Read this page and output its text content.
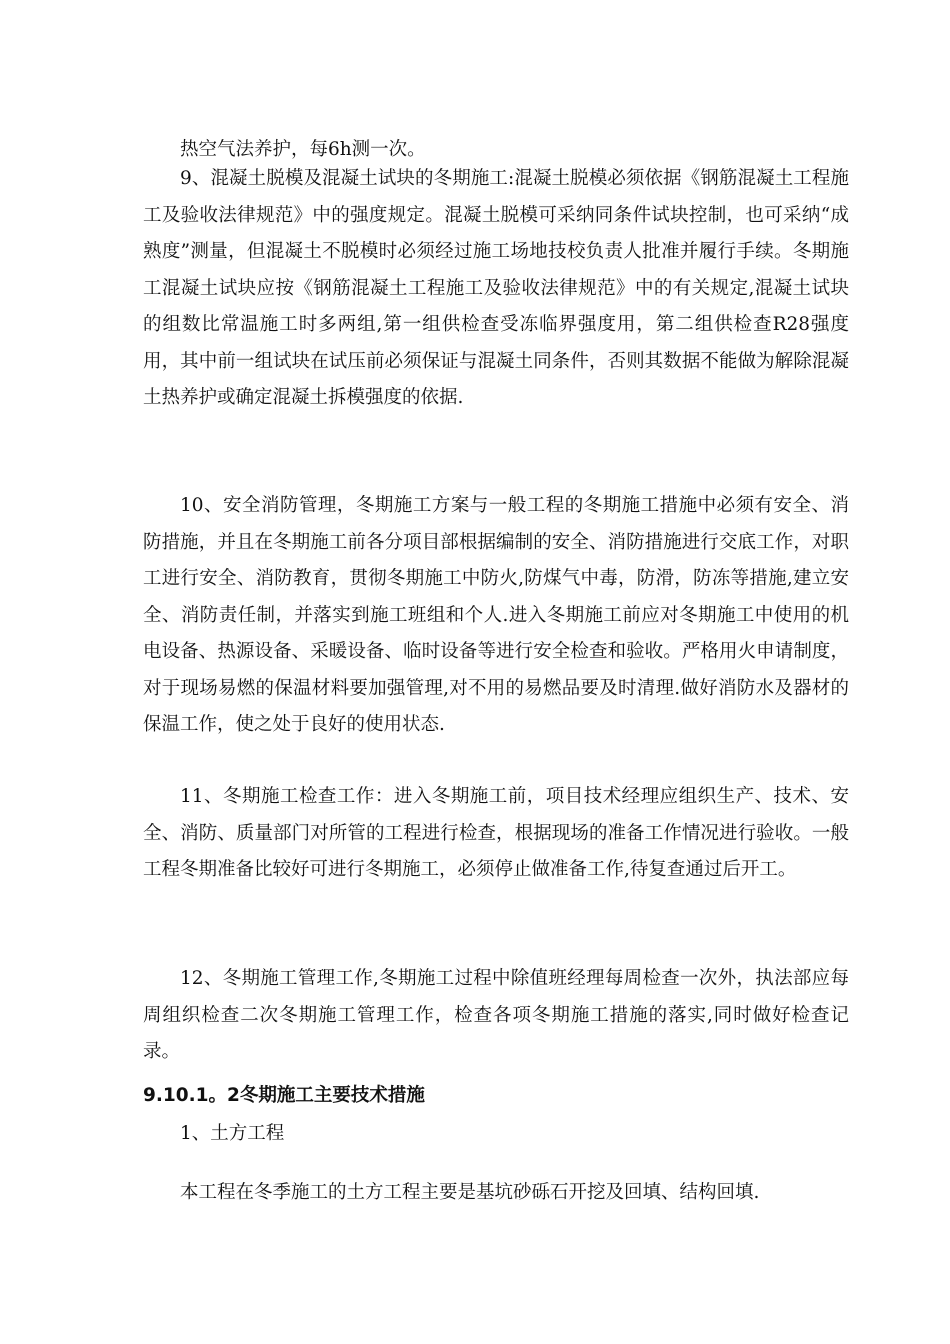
热空气法养护，每6h测一次。

9、混凝土脱模及混凝土试块的冬期施工:混凝土脱模必须依据《钢筋混凝土工程施工及验收法律规范》中的强度规定。混凝土脱模可采纳同条件试块控制，也可采纳“成熟度”测量，但混凝土不脱模时必须经过施工场地技校负责人批准并履行手续。冬期施工混凝土试块应按《钢筋混凝土工程施工及验收法律规范》中的有关规定,混凝土试块的组数比常温施工时多两组,第一组供检查受冻临界强度用，第二组供检查R28强度用，其中前一组试块在试压前必须保证与混凝土同条件，否则其数据不能做为解除混凝土热养护或确定混凝土拆模强度的依据.

10、安全消防管理，冬期施工方案与一般工程的冬期施工措施中必须有安全、消防措施，并且在冬期施工前各分项目部根据编制的安全、消防措施进行交底工作，对职工进行安全、消防教育，贯彻冬期施工中防火,防煤气中毒，防滑，防冻等措施,建立安全、消防责任制，并落实到施工班组和个人.进入冬期施工前应对冬期施工中使用的机电设备、热源设备、采暖设备、临时设备等进行安全检查和验收。严格用火申请制度，对于现场易燃的保温材料要加强管理,对不用的易燃品要及时清理.做好消防水及器材的保温工作，使之处于良好的使用状态.

11、冬期施工检查工作：进入冬期施工前，项目技术经理应组织生产、技术、安全、消防、质量部门对所管的工程进行检查，根据现场的准备工作情况进行验收。一般工程冬期准备比较好可进行冬期施工，必须停止做准备工作,待复查通过后开工。

12、冬期施工管理工作,冬期施工过程中除值班经理每周检查一次外，执法部应每周组织检查二次冬期施工管理工作，检查各项冬期施工措施的落实,同时做好检查记录。

9.10.1。2冬期施工主要技术措施

1、土方工程

本工程在冬季施工的土方工程主要是基坑砂砾石开挖及回填、结构回填.
